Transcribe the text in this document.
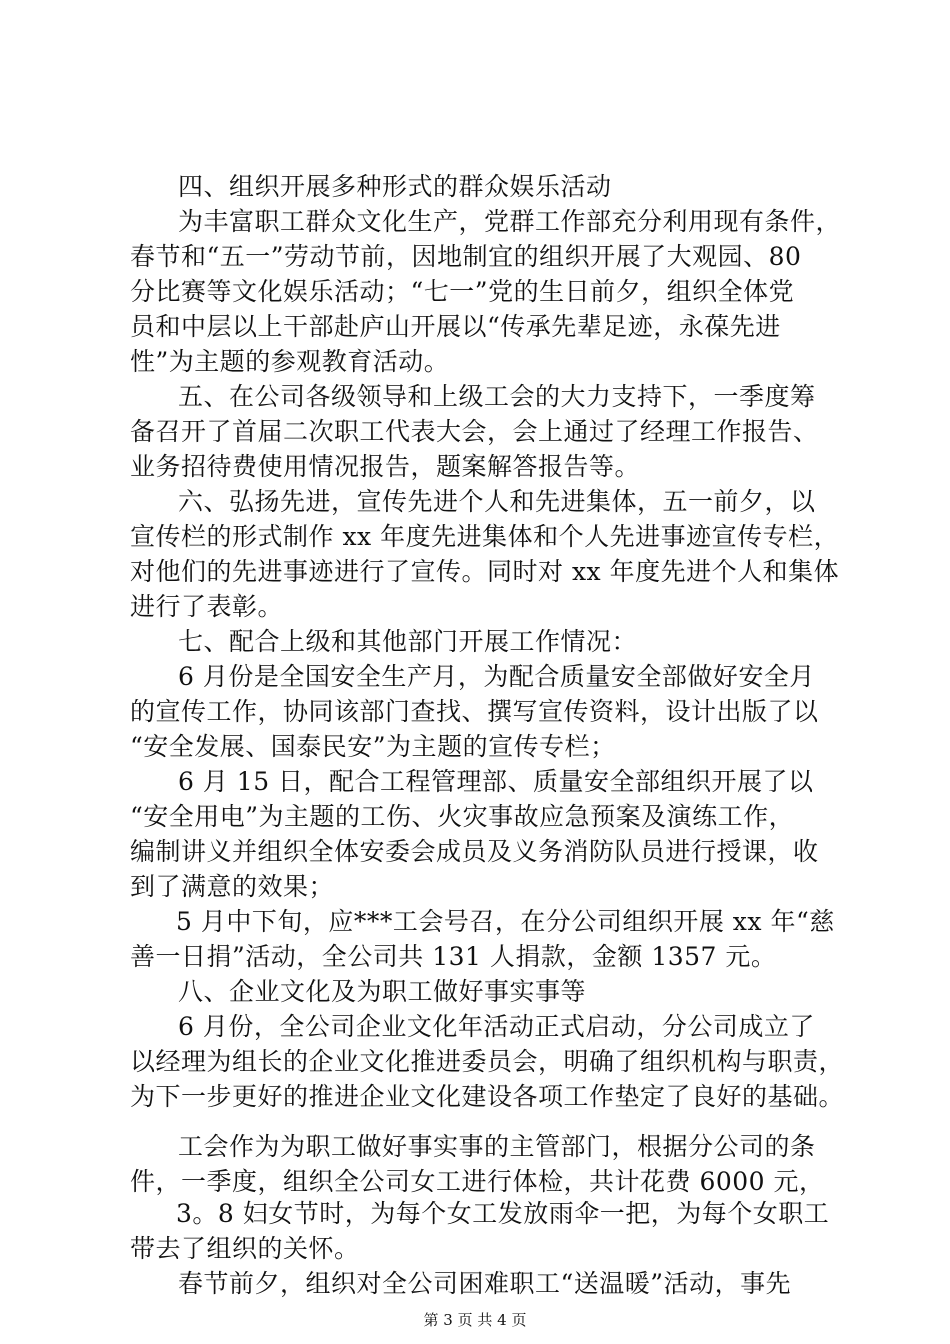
四、组织开展多种形式的群众娱乐活动
为丰富职工群众文化生产，党群工作部充分利用现有条件，
春节和“五一”劳动节前，因地制宜的组织开展了大观园、80
分比赛等文化娱乐活动；“七一”党的生日前夕，组织全体党
员和中层以上干部赴庐山开展以“传承先辈足迹，永葆先进
性”为主题的参观教育活动。
五、在公司各级领导和上级工会的大力支持下，一季度筹
备召开了首届二次职工代表大会，会上通过了经理工作报告、
业务招待费使用情况报告，题案解答报告等。
六、弘扬先进，宣传先进个人和先进集体，五一前夕，以
宣传栏的形式制作 xx 年度先进集体和个人先进事迹宣传专栏，
对他们的先进事迹进行了宣传。同时对 xx 年度先进个人和集体
进行了表彰。
七、配合上级和其他部门开展工作情况：
6 月份是全国安全生产月，为配合质量安全部做好安全月
的宣传工作，协同该部门查找、撰写宣传资料，设计出版了以
“安全发展、国泰民安”为主题的宣传专栏；
6 月 15 日，配合工程管理部、质量安全部组织开展了以
“安全用电”为主题的工伤、火灾事故应急预案及演练工作，
编制讲义并组织全体安委会成员及义务消防队员进行授课，收
到了满意的效果；
5 月中下旬，应***工会号召，在分公司组织开展 xx 年“慈
善一日捐”活动，全公司共 131 人捐款，金额 1357 元。
八、企业文化及为职工做好事实事等
6 月份，全公司企业文化年活动正式启动，分公司成立了
以经理为组长的企业文化推进委员会，明确了组织机构与职责，
为下一步更好的推进企业文化建设各项工作垫定了良好的基础。
工会作为为职工做好事实事的主管部门，根据分公司的条
件，一季度，组织全公司女工进行体检，共计花费 6000 元，
3。8 妇女节时，为每个女工发放雨伞一把，为每个女职工
带去了组织的关怀。
春节前夕，组织对全公司困难职工“送温暖”活动，事先
第 3 页 共 4 页
